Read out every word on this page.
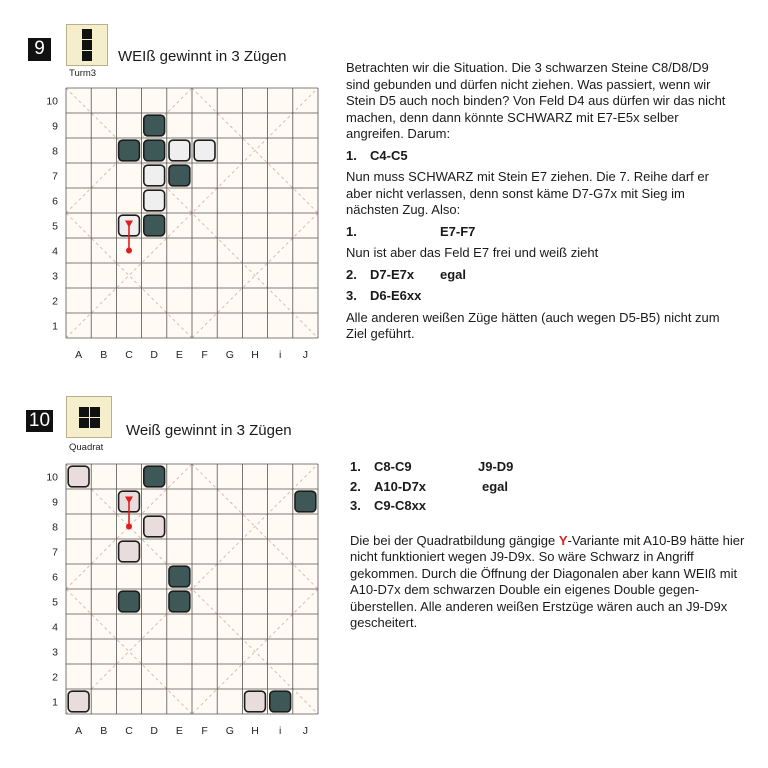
9
Turm3
WEIß gewinnt in 3 Zügen
10
9
8
7
6
5
4
3
2
1
A B C D E F G H i J

Betrachten wir die Situation. Die 3 schwarzen Steine C8/D8/D9 sind gebunden und dürfen nicht ziehen. Was passiert, wenn wir Stein D5 auch noch binden? Von Feld D4 aus dürfen wir das nicht machen, denn dann könnte SCHWARZ mit E7-E5x selber angreifen. Darum:

1.	C4-C5

Nun muss SCHWARZ mit Stein E7 ziehen. Die 7. Reihe darf er aber nicht verlassen, denn sonst käme D7-G7x mit Sieg im nächsten Zug. Also:

1.	E7-F7

Nun ist aber das Feld E7 frei und weiß zieht

2.	D7-E7x	egal
3.	D6-E6xx

Alle anderen weißen Züge hätten (auch wegen D5-B5) nicht zum Ziel geführt.

10
Quadrat
Weiß gewinnt in 3 Zügen
10
9
8
7
6
5
4
3
2
1
A B C D E F G H i J
1.	C8-C9	J9-D9
2.	A10-D7x	egal
3.	C9-C8xx

Die bei der Quadratbildung gängige Y-Variante mit A10-B9 hätte hier nicht funktioniert wegen J9-D9x. So wäre Schwarz in Angriff gekommen. Durch die Öffnung der Diagonalen aber kann WEIß mit A10-D7x dem schwarzen Double ein eigenes Double gegen-überstellen. Alle anderen weißen Erstzüge wären auch an J9-D9x gescheitert.
